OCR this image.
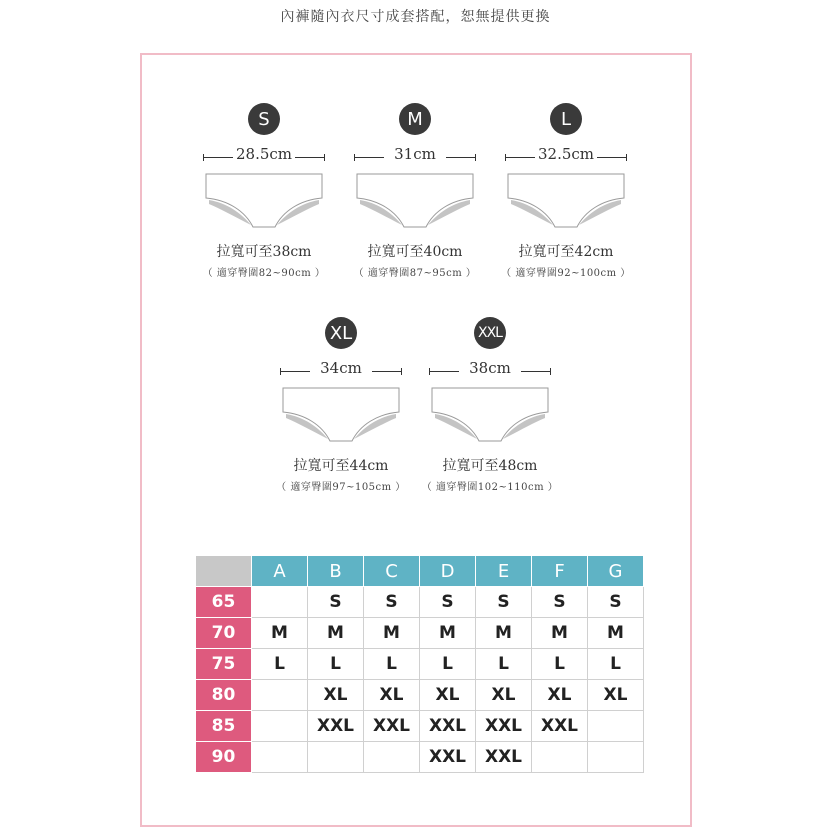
內褲隨內衣尺寸成套搭配，恕無提供更換
S
28.5cm
拉寬可至38cm
（ 適穿臀圍82~90cm ）
M
31cm
拉寬可至40cm
（ 適穿臀圍87~95cm ）
L
32.5cm
拉寬可至42cm
（ 適穿臀圍92~100cm ）
XL
34cm
拉寬可至44cm
（ 適穿臀圍97~105cm ）
XXL
38cm
拉寬可至48cm
（ 適穿臀圍102~110cm ）
	A	B	C	D	E	F	G
65		S	S	S	S	S	S
70	M	M	M	M	M	M	M
75	L	L	L	L	L	L	L
80		XL	XL	XL	XL	XL	XL
85		XXL	XXL	XXL	XXL	XXL	
90				XXL	XXL		
